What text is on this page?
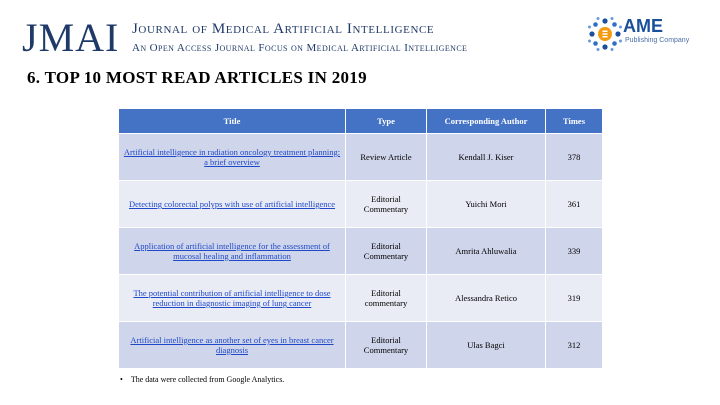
JMAI Journal of Medical Artificial Intelligence
An Open Access Journal Focus on Medical Artificial Intelligence
AME
Publishing Company
6. TOP 10 MOST READ ARTICLES IN 2019
Title	Type	Corresponding Author	Times
Artificial intelligence in radiation oncology treatment planning: a brief overview	Review Article	Kendall J. Kiser	378
Detecting colorectal polyps with use of artificial intelligence	Editorial Commentary	Yuichi Mori	361
Application of artificial intelligence for the assessment of mucosal healing and inflammation	Editorial Commentary	Amrita Ahluwalia	339
The potential contribution of artificial intelligence to dose reduction in diagnostic imaging of lung cancer	Editorial commentary	Alessandra Retico	319
Artificial intelligence as another set of eyes in breast cancer diagnosis	Editorial Commentary	Ulas Bagci	312
• The data were collected from Google Analytics.
